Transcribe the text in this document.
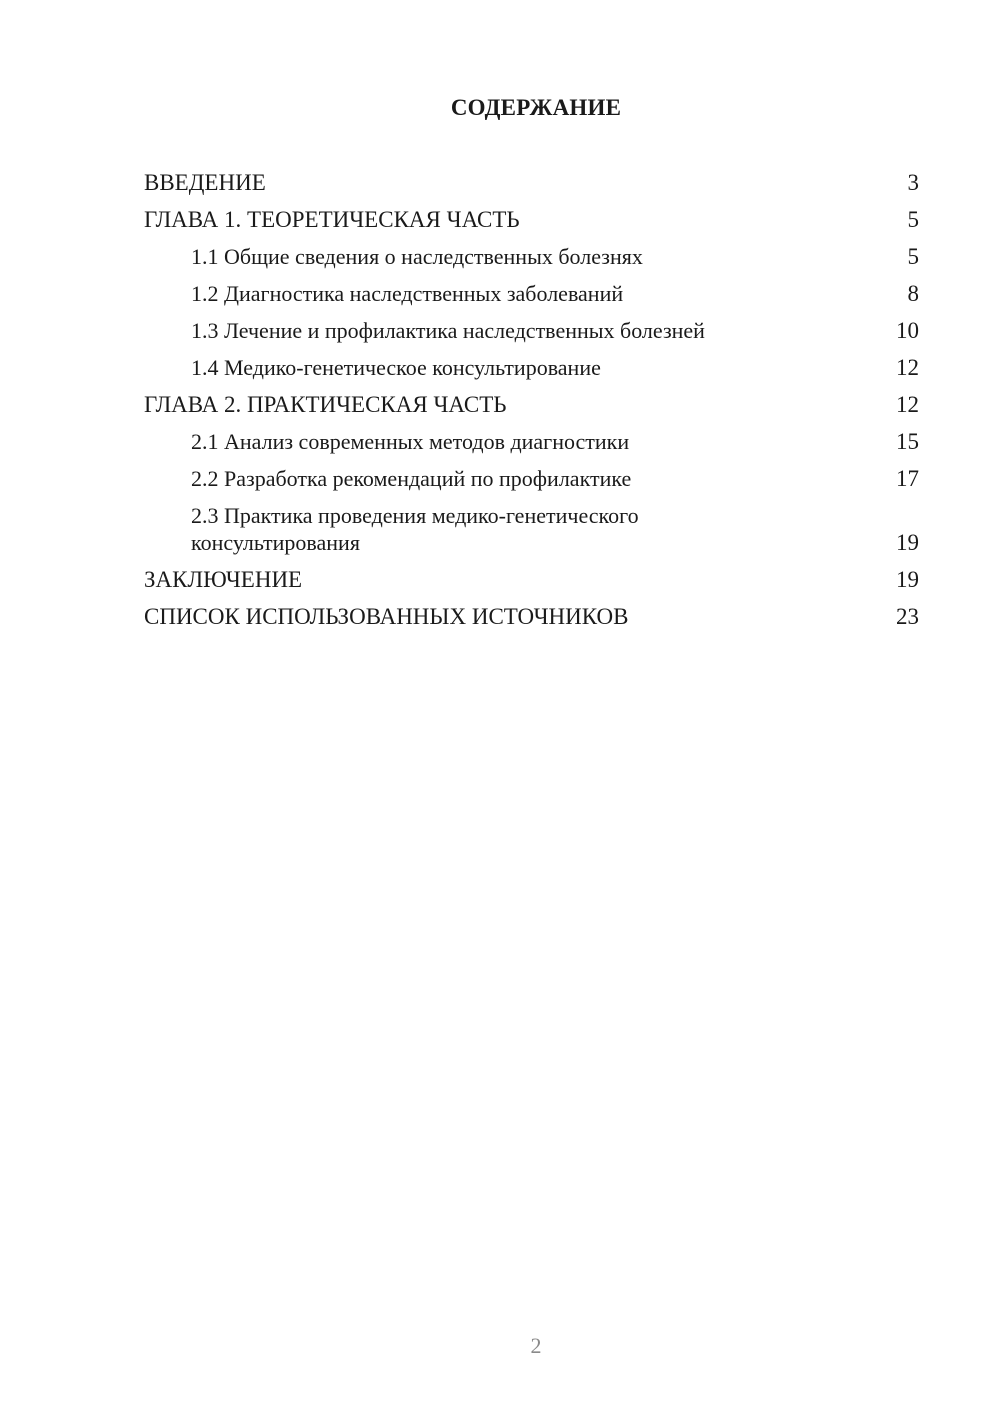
СОДЕРЖАНИЕ
ВВЕДЕНИЕ	3
ГЛАВА 1. ТЕОРЕТИЧЕСКАЯ ЧАСТЬ	5
1.1 Общие сведения о наследственных болезнях	5
1.2 Диагностика наследственных заболеваний	8
1.3 Лечение и профилактика наследственных болезней	10
1.4 Медико-генетическое консультирование	12
ГЛАВА 2. ПРАКТИЧЕСКАЯ ЧАСТЬ	12
2.1 Анализ современных методов диагностики	15
2.2 Разработка рекомендаций по профилактике	17
2.3 Практика проведения медико-генетического консультирования	19
ЗАКЛЮЧЕНИЕ	19
СПИСОК ИСПОЛЬЗОВАННЫХ ИСТОЧНИКОВ	23
2
